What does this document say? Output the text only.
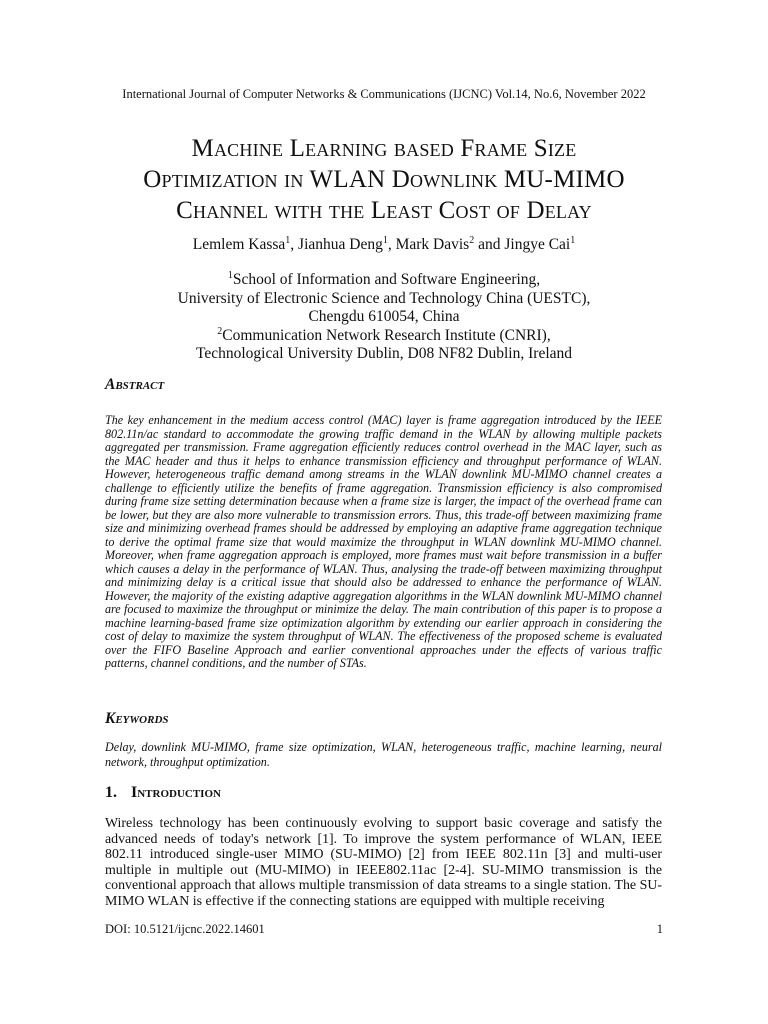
International Journal of Computer Networks & Communications (IJCNC) Vol.14, No.6, November 2022
Machine Learning based Frame Size
Optimization in WLAN Downlink MU-MIMO
Channel with the Least Cost of Delay
Lemlem Kassa$^1$, Jianhua Deng$^1$, Mark Davis$^2$ and Jingye Cai$^1$
$^1$School of Information and Software Engineering,
University of Electronic Science and Technology China (UESTC),
Chengdu 610054, China
$^2$Communication Network Research Institute (CNRI),
Technological University Dublin, D08 NF82 Dublin, Ireland
Abstract

The key enhancement in the medium access control (MAC) layer is frame aggregation introduced by the IEEE 802.11n/ac standard to accommodate the growing traffic demand in the WLAN by allowing multiple packets aggregated per transmission. Frame aggregation efficiently reduces control overhead in the MAC layer, such as the MAC header and thus it helps to enhance transmission efficiency and throughput performance of WLAN. However, heterogeneous traffic demand among streams in the WLAN downlink MU-MIMO channel creates a challenge to efficiently utilize the benefits of frame aggregation. Transmission efficiency is also compromised during frame size setting determination because when a frame size is larger, the impact of the overhead frame can be lower, but they are also more vulnerable to transmission errors. Thus, this trade-off between maximizing frame size and minimizing overhead frames should be addressed by employing an adaptive frame aggregation technique to derive the optimal frame size that would maximize the throughput in WLAN downlink MU-MIMO channel. Moreover, when frame aggregation approach is employed, more frames must wait before transmission in a buffer which causes a delay in the performance of WLAN. Thus, analysing the trade-off between maximizing throughput and minimizing delay is a critical issue that should also be addressed to enhance the performance of WLAN. However, the majority of the existing adaptive aggregation algorithms in the WLAN downlink MU-MIMO channel are focused to maximize the throughput or minimize the delay. The main contribution of this paper is to propose a machine learning-based frame size optimization algorithm by extending our earlier approach in considering the cost of delay to maximize the system throughput of WLAN. The effectiveness of the proposed scheme is evaluated over the FIFO Baseline Approach and earlier conventional approaches under the effects of various traffic patterns, channel conditions, and the number of STAs.

Keywords

Delay, downlink MU-MIMO, frame size optimization, WLAN, heterogeneous traffic, machine learning, neural network, throughput optimization.

1. Introduction

Wireless technology has been continuously evolving to support basic coverage and satisfy the advanced needs of today's network [1]. To improve the system performance of WLAN, IEEE 802.11 introduced single-user MIMO (SU-MIMO) [2] from IEEE 802.11n [3] and multi-user multiple in multiple out (MU-MIMO) in IEEE802.11ac [2-4]. SU-MIMO transmission is the conventional approach that allows multiple transmission of data streams to a single station. The SU-MIMO WLAN is effective if the connecting stations are equipped with multiple receiving

DOI: 10.5121/ijcnc.2022.14601	1
